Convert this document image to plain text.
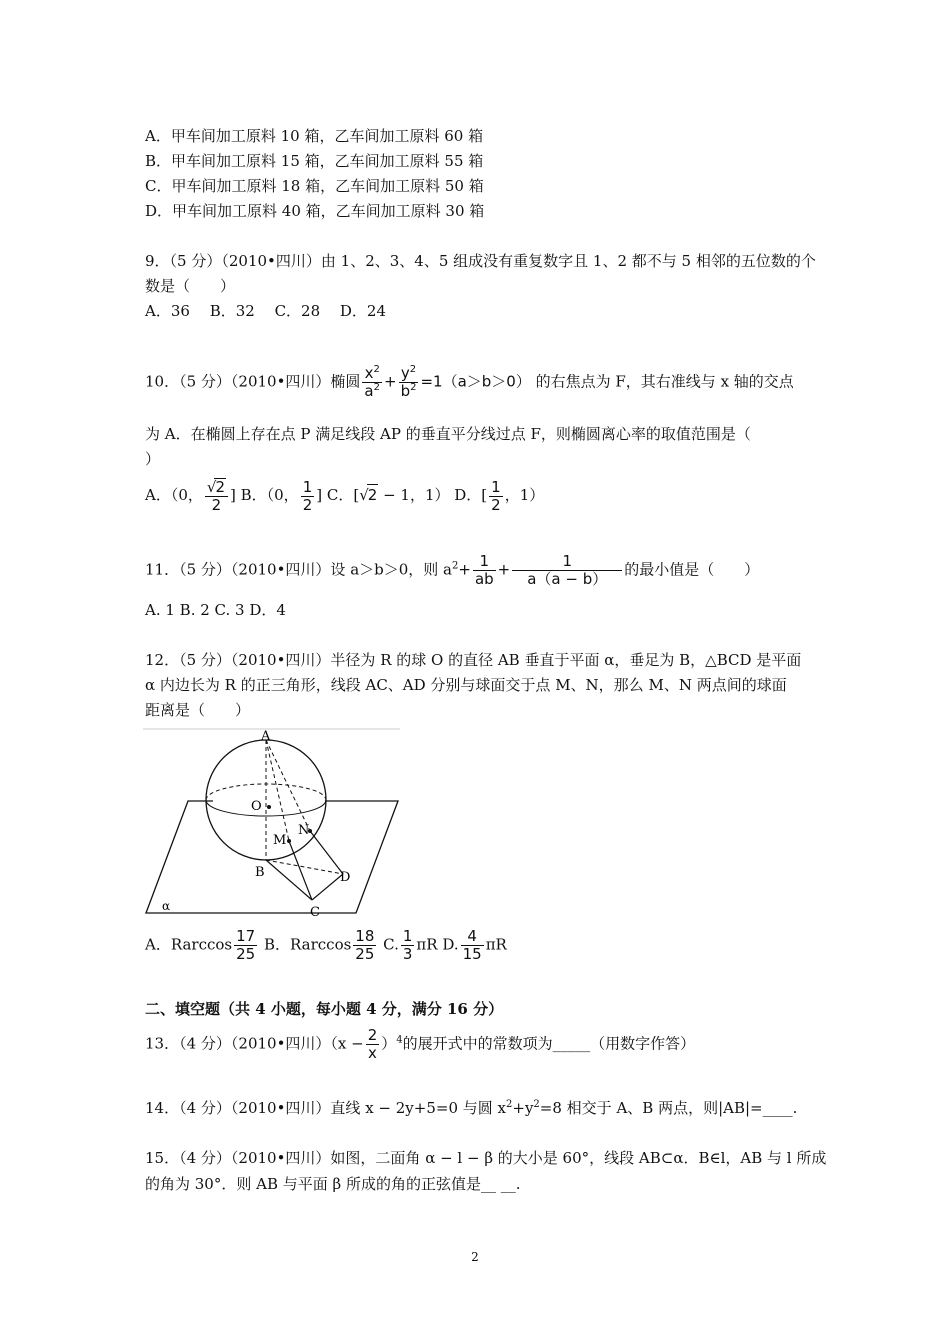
A．甲车间加工原料 10 箱，乙车间加工原料 60 箱
B．甲车间加工原料 15 箱，乙车间加工原料 55 箱
C．甲车间加工原料 18 箱，乙车间加工原料 50 箱
D．甲车间加工原料 40 箱，乙车间加工原料 30 箱
9．（5 分）（2010•四川）由 1、2、3、4、5 组成没有重复数字且 1、2 都不与 5 相邻的五位数的个
数是（　　）
A．36　 B．32　 C．28　 D．24
10．（5 分）（2010•四川）椭圆 $\frac{x^2}{a^2} + \frac{y^2}{b^2} =1(a>b>0)$ 的右焦点为 F，其右准线与 x 轴的交点
为 A．在椭圆上存在点 P 满足线段 AP 的垂直平分线过点 F，则椭圆离心率的取值范围是（
）
A．（0， $\frac{√2}{2}$ ] B．（0， $\frac{1}{2}$ ] C．[√2 − 1，1） D．[ $\frac{1}{2}$ ，1）
11．（5 分）（2010•四川）设 a＞b＞0，则 $a^2+ \frac{1}{ab} + \frac{1}{a(a - b)}$ 的最小值是（　　）
A. 1 B. 2 C. 3 D．4
12．（5 分）（2010•四川）半径为 R 的球 O 的直径 AB 垂直于平面 α，垂足为 B，△BCD 是平面
α 内边长为 R 的正三角形，线段 AC、AD 分别与球面交于点 M、N，那么 M、N 两点间的球面
距离是（　　）
A
O
M
N
B
C
D
α
A．Rarccos $\frac{17}{25}$ B．Rarccos $\frac{18}{25} C$. $\frac{1}{3}$ πR D. $\frac{4}{15}$ πR
二、填空题（共 4 小题，每小题 4 分，满分 16 分）
13．（4 分）（2010•四川）$(x - \frac{2}{x} )^4$的展开式中的常数项为_____（用数字作答）
14．（4 分）（2010•四川）直线 x − 2y+5=0 与圆 $x^2+y^2=8$ 相交于 A、B 两点，则|AB|=____.
15．（4 分）（2010•四川）如图，二面角 α − l − β 的大小是 60°，线段 AB⊂α．B∈l，AB 与 l 所成
的角为 30°．则 AB 与平面 β 所成的角的正弦值是__ __.
2
